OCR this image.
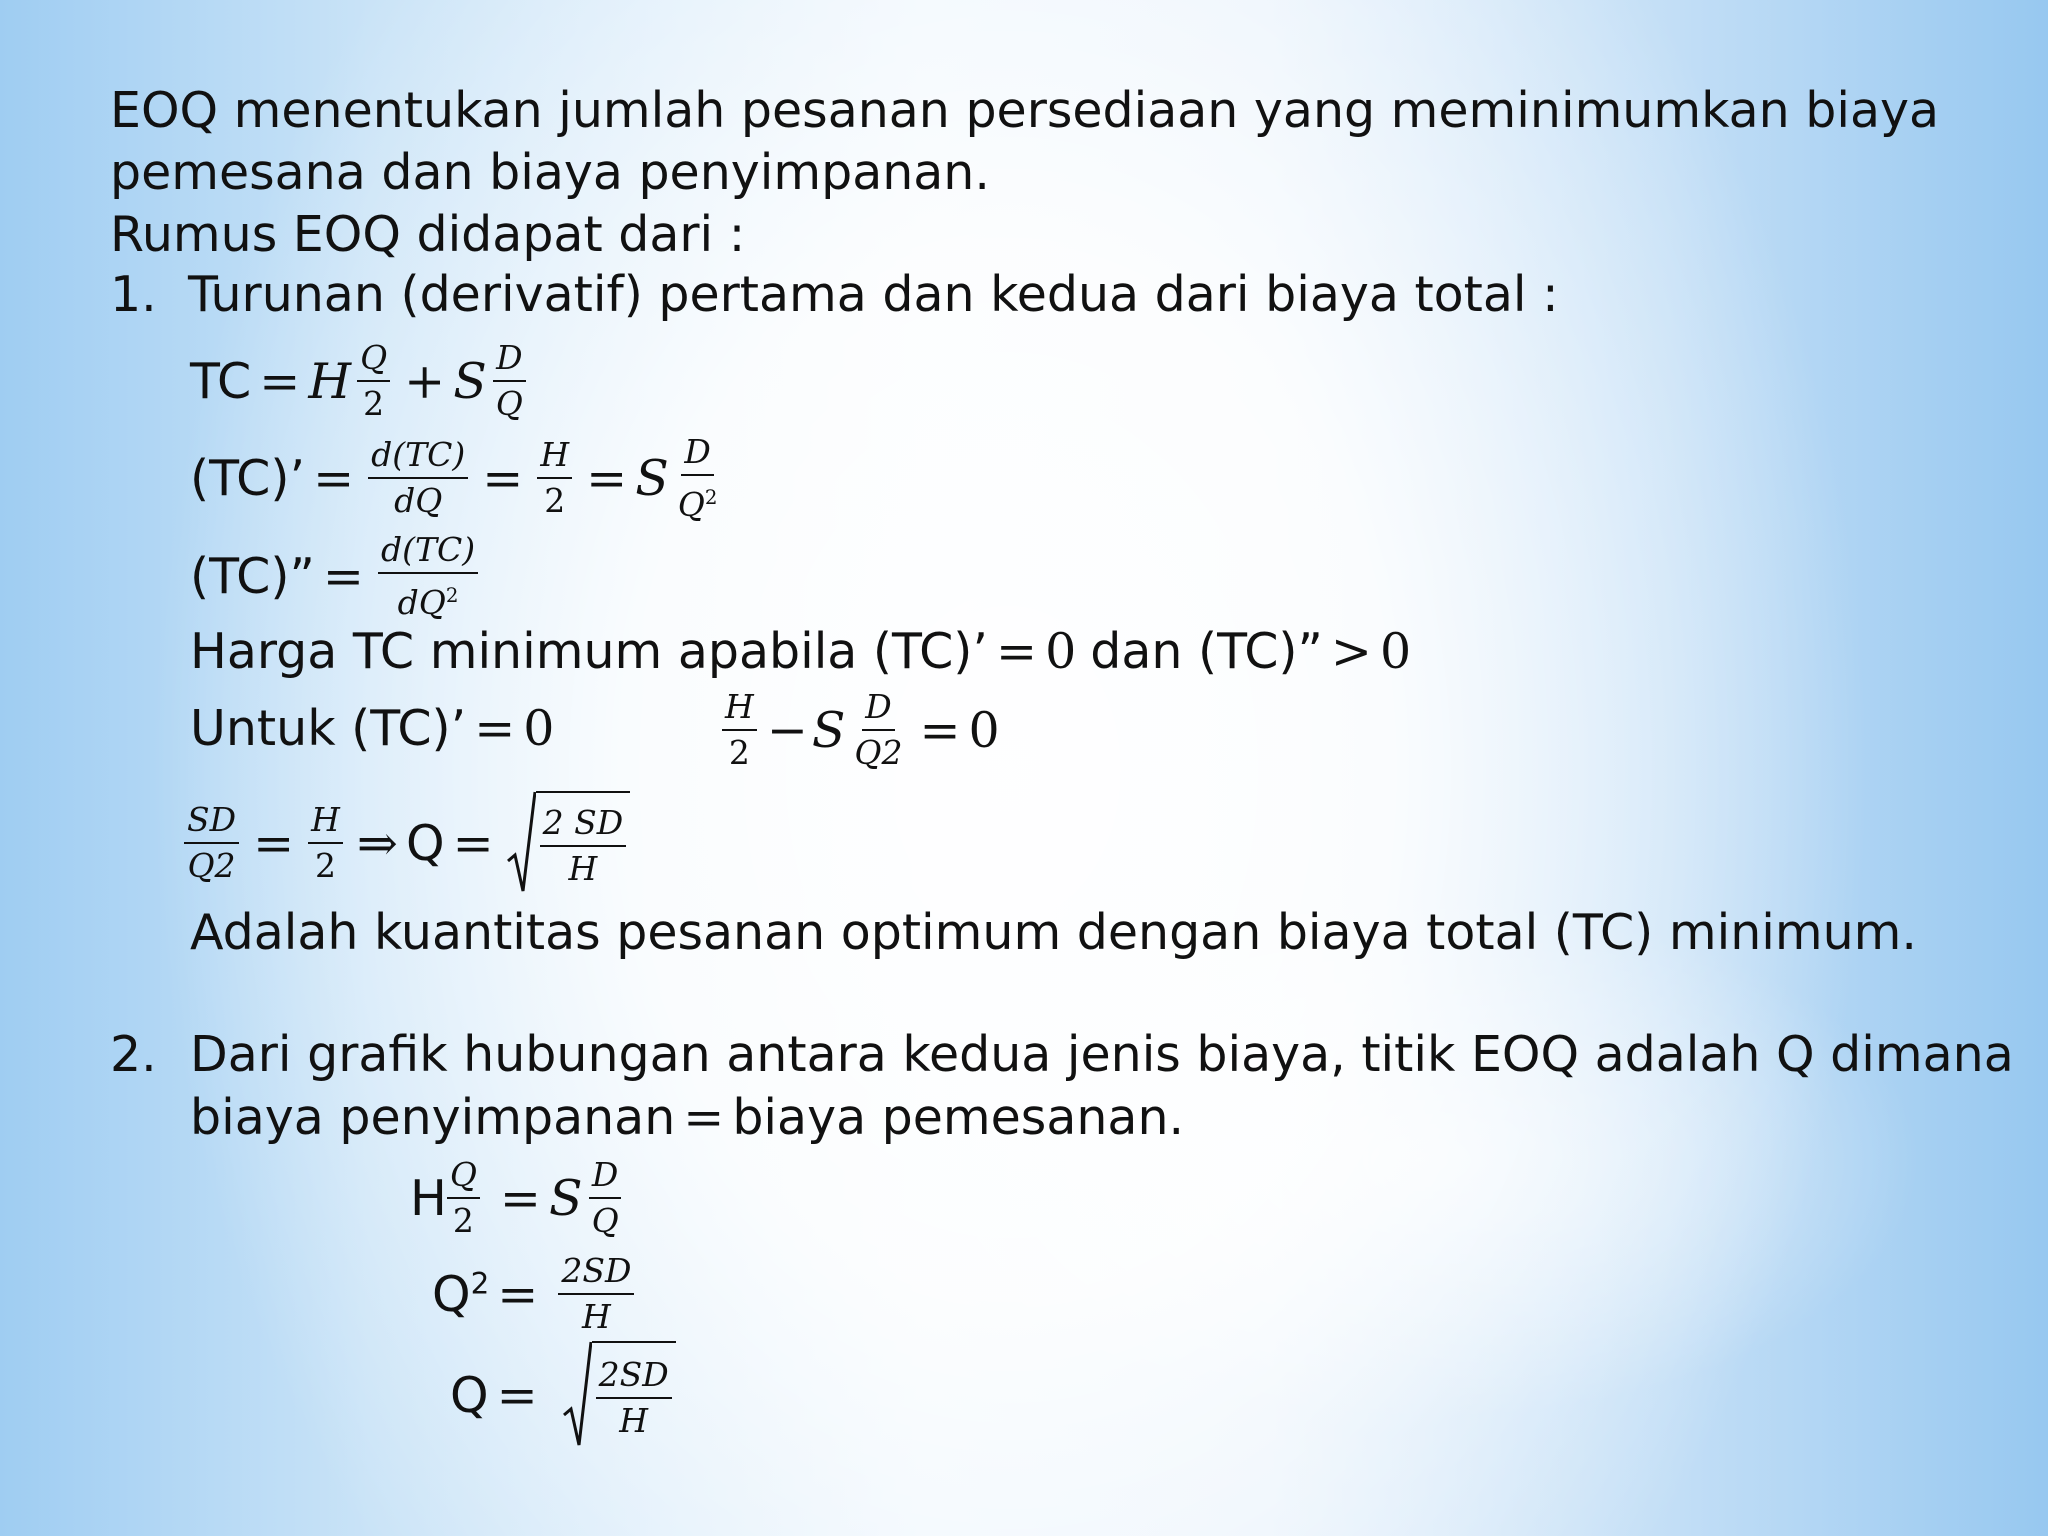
EOQ menentukan jumlah pesanan persediaan yang meminimumkan biaya
pemesana dan biaya penyimpanan.
Rumus EOQ didapat dari :
1. Turunan (derivatif) pertama dan kedua dari biaya total :
TC = H $\frac{Q}{2} + S \frac{D}{Q}$
(TC)’ = $\frac{d(TC)}{dQ} = \frac{H}{2} = S \frac{D}{Q^2}$
(TC)” = $\frac{d(TC)}{dQ^2}$
Harga TC minimum apabila (TC)’ = 0 dan (TC)” > 0
Untuk (TC)’ = 0	$\frac{H}{2} - S \frac{D}{Q2} = 0$
$\frac{SD}{Q2} = \frac{H}{2}$ ⇒ $Q = \frac{2 SD}{H}$
Adalah kuantitas pesanan optimum dengan biaya total (TC) minimum.
2. Dari grafik hubungan antara kedua jenis biaya, titik EOQ adalah Q dimana
biaya penyimpanan = biaya pemesanan.
H $\frac{Q}{2} = S \frac{D}{Q}$
$Q^2 = \frac{2SD}{H}$
$Q = \frac{2SD}{H}$
